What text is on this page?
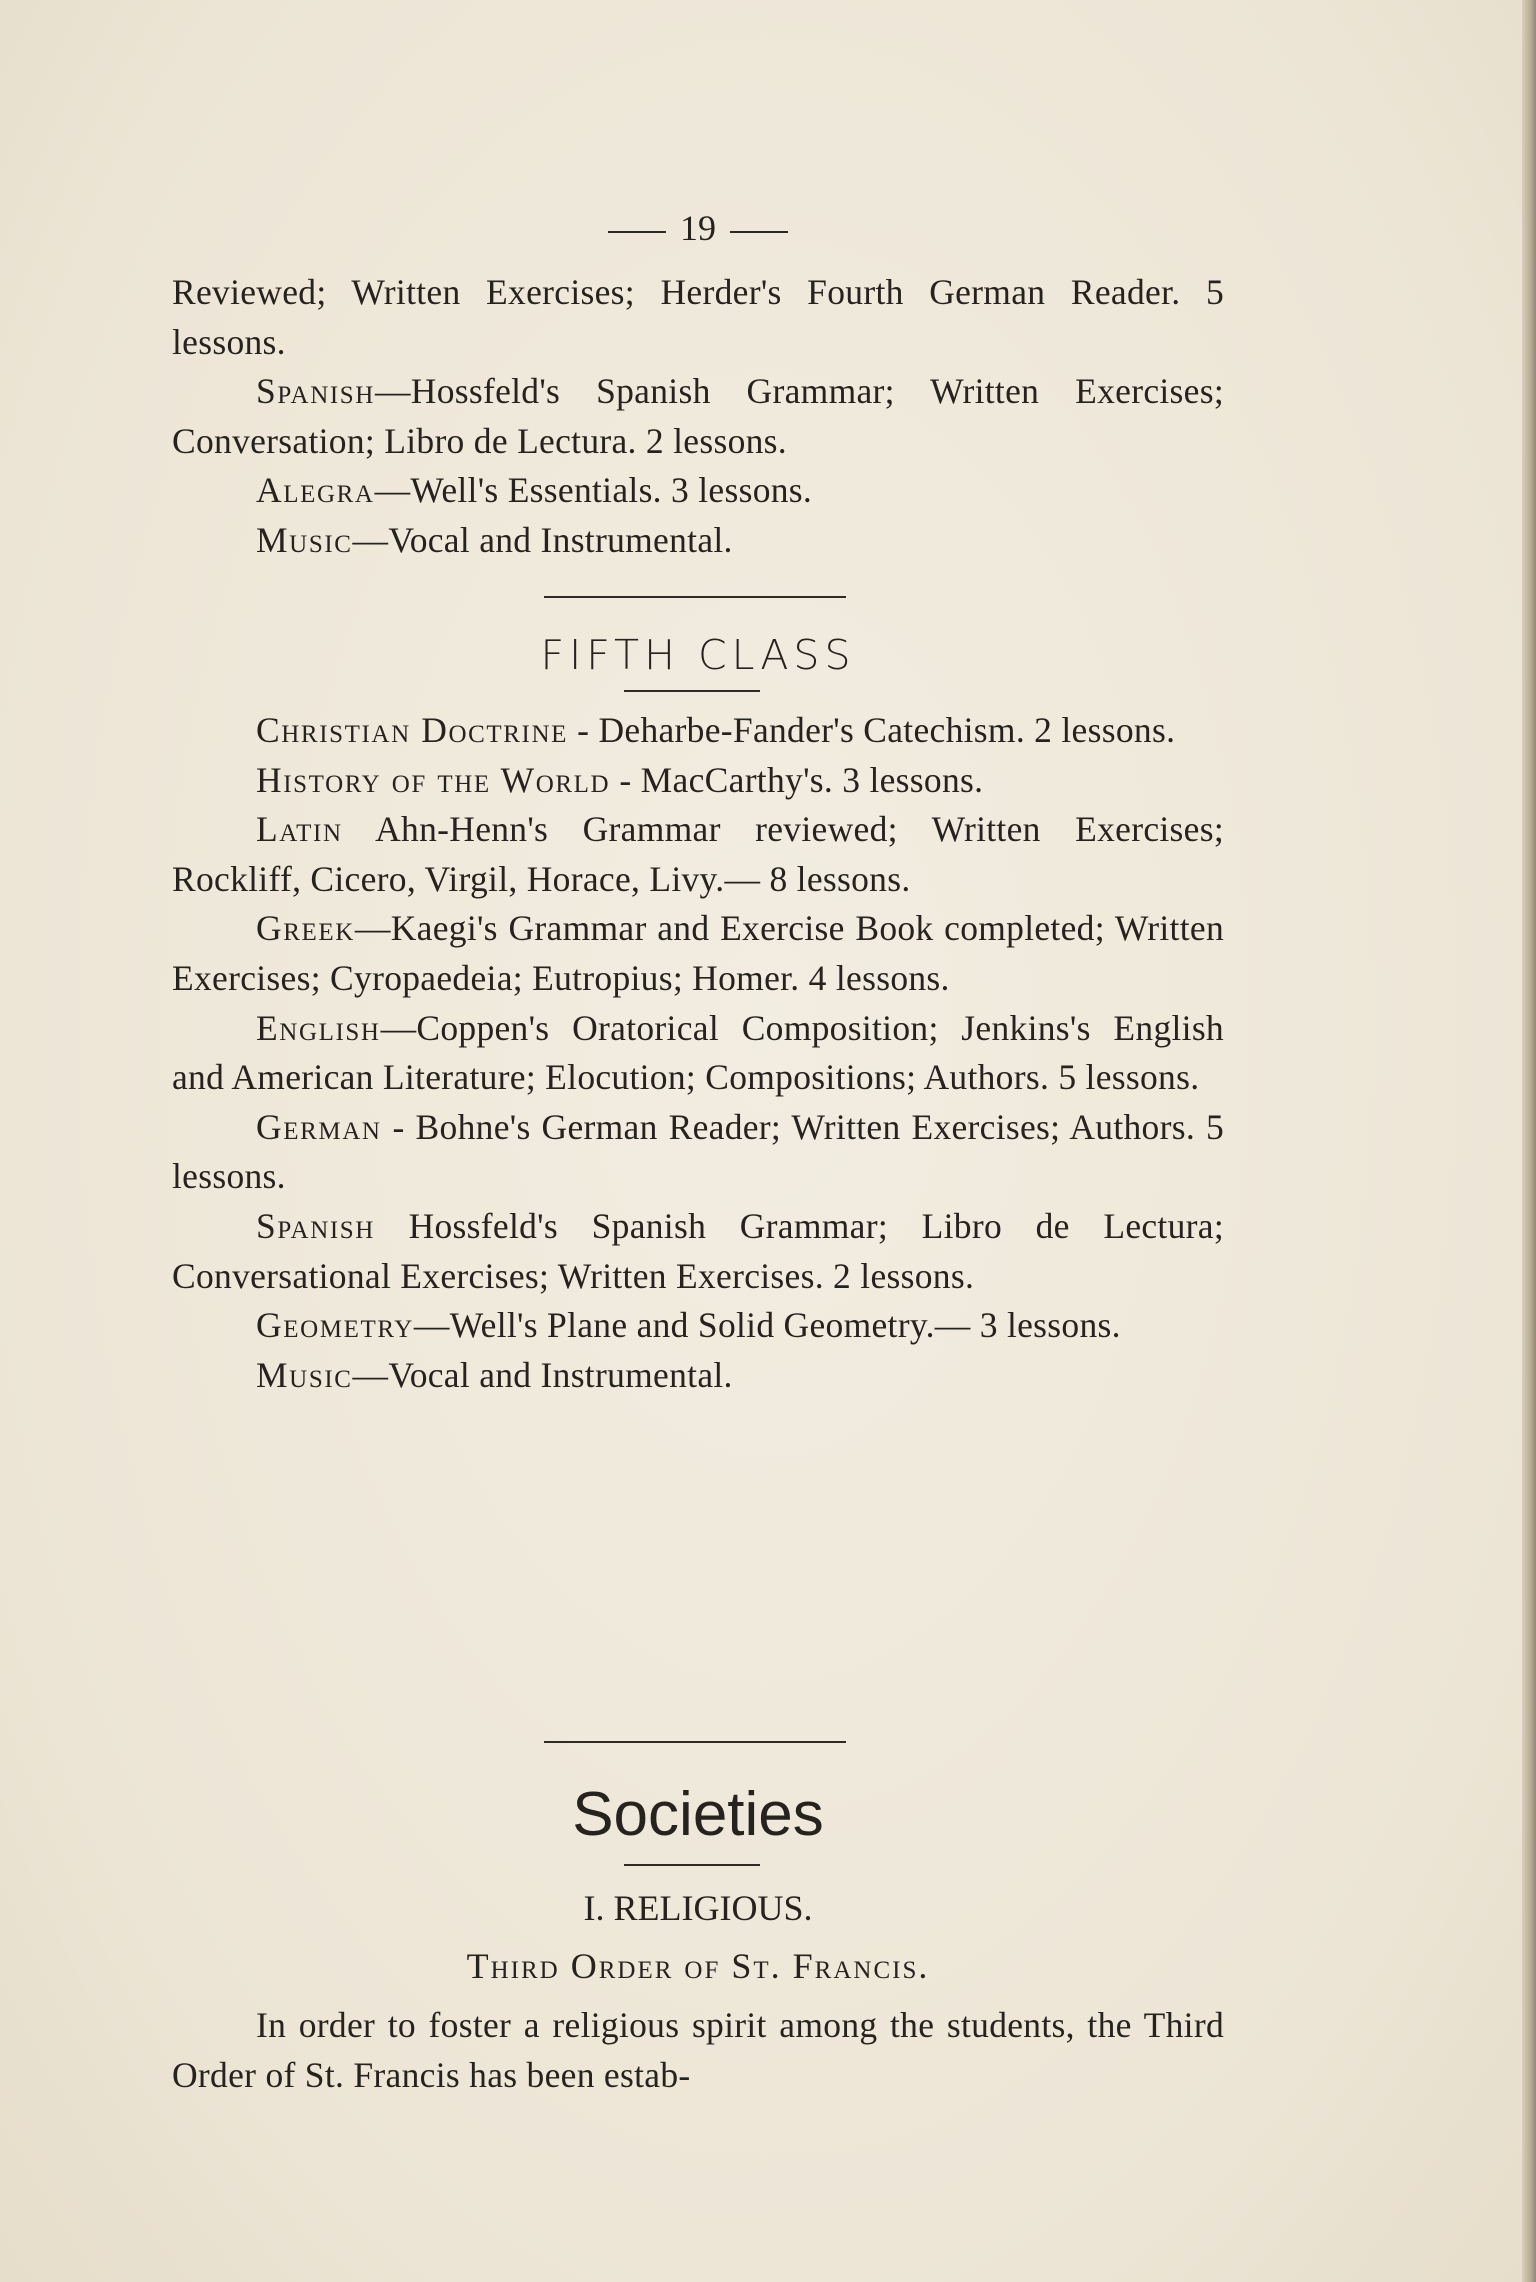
19

Reviewed; Written Exercises; Herder's Fourth German Reader. 5 lessons.

Spanish—Hossfeld's Spanish Grammar; Written Exercises; Conversation; Libro de Lectura. 2 lessons.

Alegra—Well's Essentials. 3 lessons.

Music—Vocal and Instrumental.

FIFTH CLASS

Christian Doctrine - Deharbe-Fander's Catechism. 2 lessons.

History of the World - MacCarthy's. 3 lessons.

Latin Ahn-Henn's Grammar reviewed; Written Exercises; Rockliff, Cicero, Virgil, Horace, Livy.— 8 lessons.

Greek—Kaegi's Grammar and Exercise Book completed; Written Exercises; Cyropaedeia; Eutropius; Homer. 4 lessons.

English—Coppen's Oratorical Composition; Jenkins's English and American Literature; Elocution; Compositions; Authors. 5 lessons.

German - Bohne's German Reader; Written Exercises; Authors. 5 lessons.

Spanish Hossfeld's Spanish Grammar; Libro de Lectura; Conversational Exercises; Written Exercises. 2 lessons.

Geometry—Well's Plane and Solid Geometry.— 3 lessons.

Music—Vocal and Instrumental.

Societies
I. RELIGIOUS.
Third Order of St. Francis.

In order to foster a religious spirit among the students, the Third Order of St. Francis has been estab-
